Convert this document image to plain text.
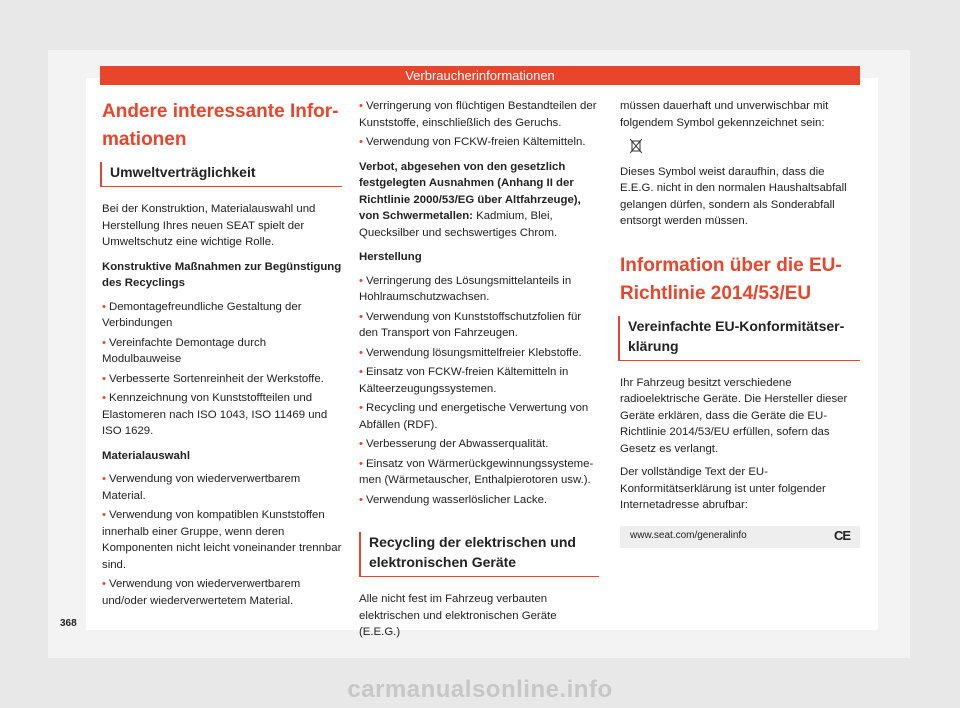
Verbraucherinformationen
Andere interessante Infor-
mationen
Umweltverträglichkeit

Bei der Konstruktion, Materialauswahl und Herstellung Ihres neuen SEAT spielt der Umweltschutz eine wichtige Rolle.

Konstruktive Maßnahmen zur Begünstigung des Recyclings

• Demontagefreundliche Gestaltung der Verbindungen

• Vereinfachte Demontage durch Modulbauweise

• Verbesserte Sortenreinheit der Werkstoffe.

• Kennzeichnung von Kunststoffteilen und Elastomeren nach ISO 1043, ISO 11469 und ISO 1629.

Materialauswahl

• Verwendung von wiederverwertbarem Material.

• Verwendung von kompatiblen Kunststoffen innerhalb einer Gruppe, wenn deren Komponenten nicht leicht voneinander trennbar sind.

• Verwendung von wiederverwertbarem und/oder wiederverwertetem Material.

• Verringerung von flüchtigen Bestandteilen der Kunststoffe, einschließlich des Geruchs.

• Verwendung von FCKW-freien Kältemitteln.

Verbot, abgesehen von den gesetzlich festgelegten Ausnahmen (Anhang II der Richtlinie 2000/53/EG über Altfahrzeuge), von Schwermetallen: Kadmium, Blei, Quecksilber und sechswertiges Chrom.

Herstellung

• Verringerung des Lösungsmittelanteils in Hohlraumschutzwachsen.

• Verwendung von Kunststoffschutzfolien für den Transport von Fahrzeugen.

• Verwendung lösungsmittelfreier Klebstoffe.

• Einsatz von FCKW-freien Kältemitteln in Kälteerzeugungssystemen.

• Recycling und energetische Verwertung von Abfällen (RDF).

• Verbesserung der Abwasserqualität.

• Einsatz von Wärmerückgewinnungssystememen (Wärmetauscher, Enthalpierotoren usw.).

• Verwendung wasserlöslicher Lacke.

Recycling der elektrischen und elektronischen Geräte

Alle nicht fest im Fahrzeug verbauten elektrischen und elektronischen Geräte (E.E.G.)

müssen dauerhaft und unverwischbar mit folgendem Symbol gekennzeichnet sein:

Dieses Symbol weist daraufhin, dass die E.E.G. nicht in den normalen Haushaltsabfall gelangen dürfen, sondern als Sonderabfall entsorgt werden müssen.

Information über die EU-Richtlinie 2014/53/EU
Vereinfachte EU-Konformitätser-klärung

Ihr Fahrzeug besitzt verschiedene radioelektrische Geräte. Die Hersteller dieser Geräte erklären, dass die Geräte die EU-Richtlinie 2014/53/EU erfüllen, sofern das Gesetz es verlangt.

Der vollständige Text der EU-Konformitätserklärung ist unter folgender Internetadresse abrufbar:

www.seat.com/generalinfo	CE
368
carmanualsonline.info
